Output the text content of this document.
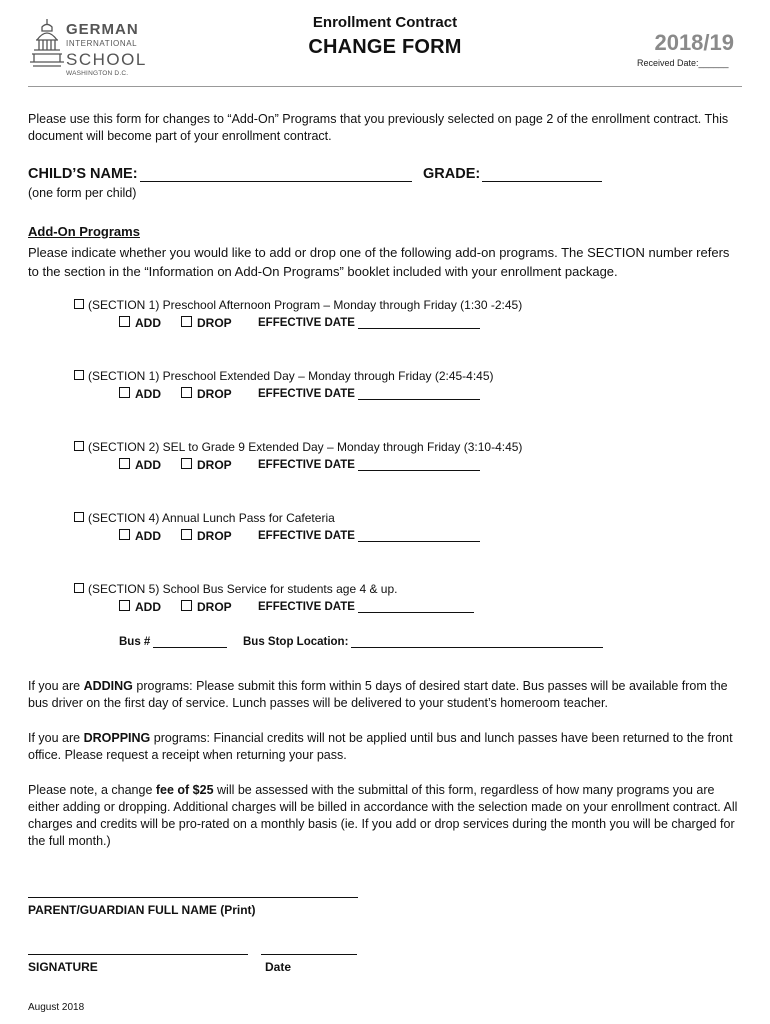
GERMAN
INTERNATIONAL
SCHOOL
WASHINGTON D.C.
Enrollment Contract
CHANGE FORM	2018/19
Received Date:______
Please use this form for changes to “Add-On” Programs that you previously selected on page 2 of the enrollment contract. This document will become part of your enrollment contract.
CHILD’S NAME:	GRADE:
(one form per child)
Add-On Programs
Please indicate whether you would like to add or drop one of the following add-on programs. The SECTION number refers to the section in the “Information on Add-On Programs” booklet included with your enrollment package.
(SECTION 1) Preschool Afternoon Program – Monday through Friday (1:30 -2:45)
ADD	DROP EFFECTIVE DATE
(SECTION 1) Preschool Extended Day – Monday through Friday (2:45-4:45)
ADD	DROP EFFECTIVE DATE
(SECTION 2) SEL to Grade 9 Extended Day – Monday through Friday (3:10-4:45)
ADD	DROP EFFECTIVE DATE
(SECTION 4) Annual Lunch Pass for Cafeteria
ADD	DROP EFFECTIVE DATE
(SECTION 5) School Bus Service for students age 4 & up.
ADD	DROP EFFECTIVE DATE
Bus #	Bus Stop Location:
If you are ADDING programs: Please submit this form within 5 days of desired start date. Bus passes will be available from the bus driver on the first day of service. Lunch passes will be delivered to your student’s homeroom teacher.
If you are DROPPING programs: Financial credits will not be applied until bus and lunch passes have been returned to the front office. Please request a receipt when returning your pass.
Please note, a change fee of $25 will be assessed with the submittal of this form, regardless of how many programs you are either adding or dropping. Additional charges will be billed in accordance with the selection made on your enrollment contract. All charges and credits will be pro-rated on a monthly basis (ie. If you add or drop services during the month you will be charged for the full month.)
PARENT/GUARDIAN FULL NAME (Print)
SIGNATURE	Date
August 2018
